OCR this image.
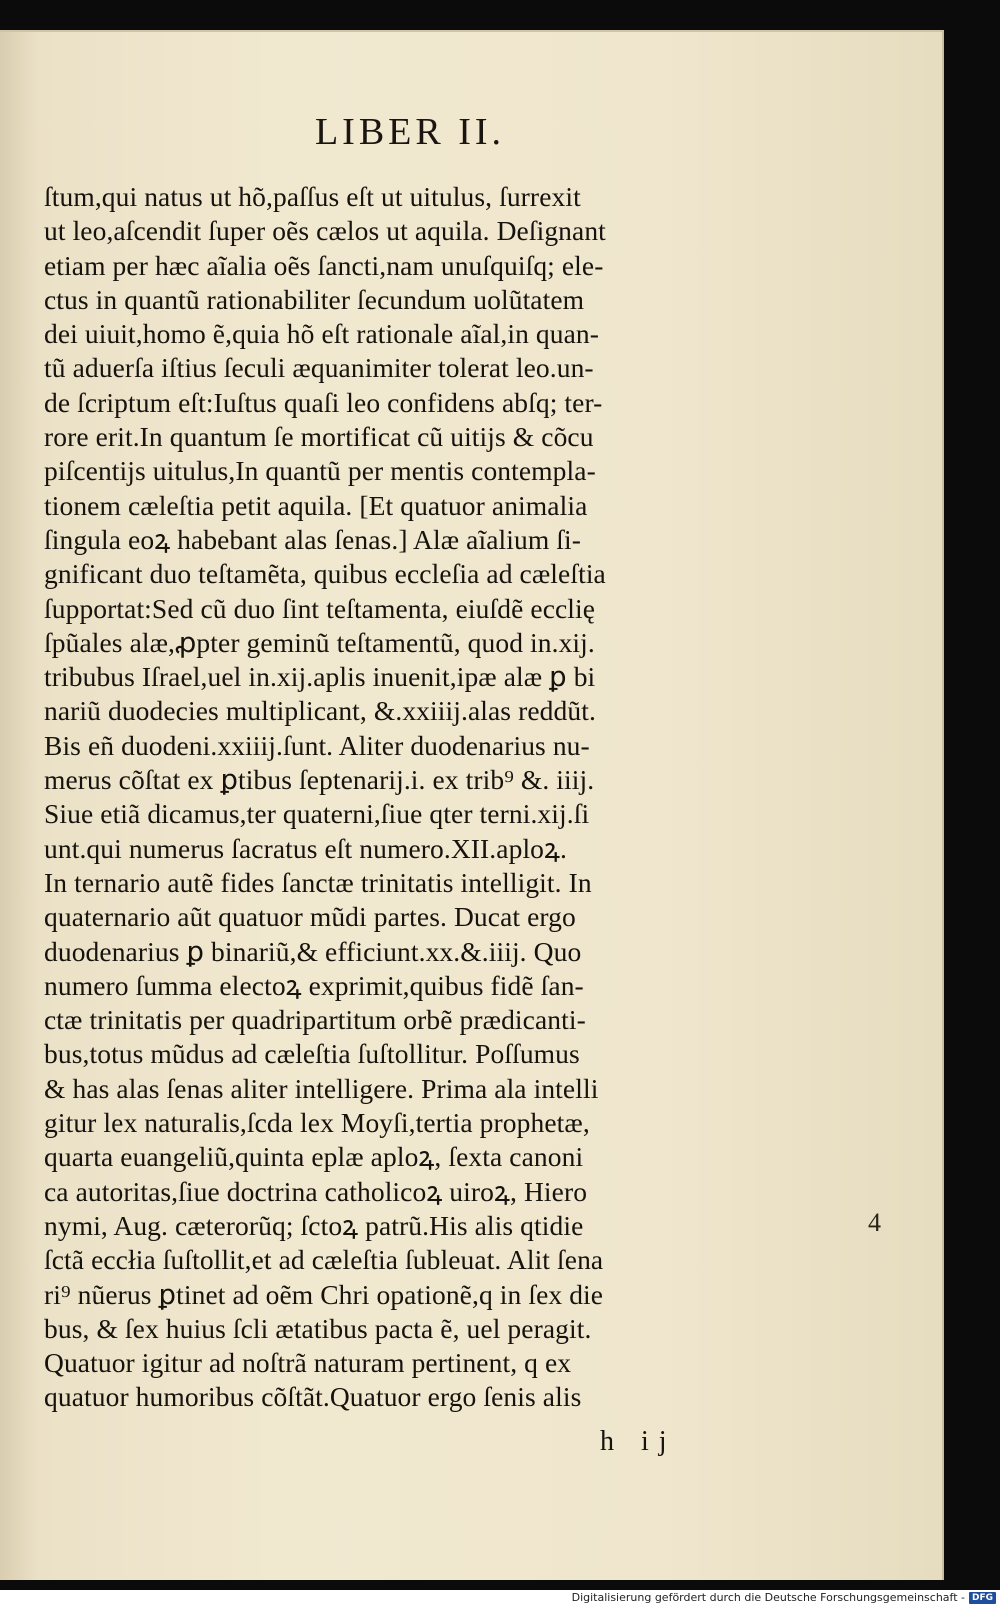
LIBER II.
ſtum,qui natus ut hõ,paſſus eſt ut uitulus, ſurrexit
ut leo,aſcendit ſuper oẽs cælos ut aquila. Deſignant
etiam per hæc aĩalia oẽs ſancti,nam unuſquiſq; ele-
ctus in quantũ rationabiliter ſecundum uolũtatem
dei uiuit,homo ẽ,quia hõ eſt rationale aĩal,in quan-
tũ aduerſa iſtius ſeculi æquanimiter tolerat leo.un-
de ſcriptum eſt:Iuſtus quaſi leo confidens abſq; ter-
rore erit.In quantum ſe mortificat cũ uitijs & cõcu
piſcentijs uitulus,In quantũ per mentis contempla-
tionem cæleſtia petit aquila. [Et quatuor animalia
ſingula eoꝝ habebant alas ſenas.] Alæ aĩalium ſi-
gnificant duo teſtamẽta, quibus eccleſia ad cæleſtia
ſupportat:Sed cũ duo ſint teſtamenta, eiuſdẽ ecclię
ſpũales alæ,ꝓpter geminũ teſtamentũ, quod in.xij.
tribubus Iſrael,uel in.xij.aplis inuenit,ipæ alæ ꝑ bi
nariũ duodecies multiplicant, &.xxiiij.alas reddũt.
Bis eñ duodeni.xxiiij.ſunt. Aliter duodenarius nu-
merus cõſtat ex ꝑtibus ſeptenarij.i. ex trib⁹ &. iiij.
Siue etiã dicamus,ter quaterni,ſiue qter terni.xij.ſi
unt.qui numerus ſacratus eſt numero.XII.aploꝝ.
In ternario autẽ fides ſanctæ trinitatis intelligit. In
quaternario aũt quatuor mũdi partes. Ducat ergo
duodenarius ꝑ binariũ,& efficiunt.xx.&.iiij. Quo
numero ſumma electoꝝ exprimit,quibus fidẽ ſan-
ctæ trinitatis per quadripartitum orbẽ prædicanti-
bus,totus mũdus ad cæleſtia ſuſtollitur. Poſſumus
& has alas ſenas aliter intelligere. Prima ala intelli
gitur lex naturalis,ſcda lex Moyſi,tertia prophetæ,
quarta euangeliũ,quinta eplæ aploꝝ, ſexta canoni
ca autoritas,ſiue doctrina catholicoꝝ uiroꝝ, Hiero
nymi, Aug. cæterorũq; ſctoꝝ patrũ.His alis qtidie
ſctã eccłia ſuſtollit,et ad cæleſtia ſubleuat. Alit ſena
ri⁹ nũerus ꝑtinet ad oẽm Chri opationẽ,q in ſex die
bus, & ſex huius ſcli ætatibus pacta ẽ, uel peragit.
Quatuor igitur ad noſtrã naturam pertinent, q ex
quatuor humoribus cõſtãt.Quatuor ergo ſenis alis
4
h ij
Digitalisierung gefördert durch die Deutsche Forschungsgemeinschaft - DFG
